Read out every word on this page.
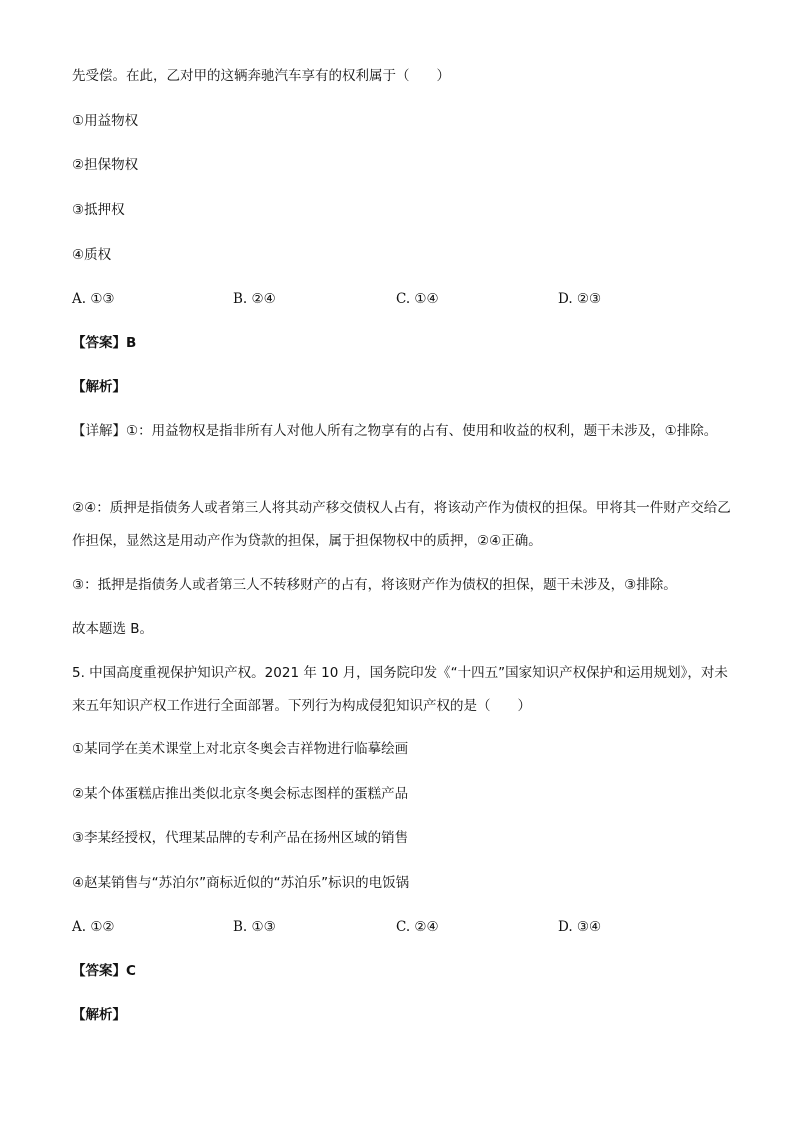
先受偿。在此，乙对甲的这辆奔驰汽车享有的权利属于（　　）
①用益物权
②担保物权
③抵押权
④质权
A. ①③	B. ②④	C. ①④	D. ②③
【答案】B
【解析】
【详解】①：用益物权是指非所有人对他人所有之物享有的占有、使用和收益的权利，题干未涉及，①排除。
②④：质押是指债务人或者第三人将其动产移交债权人占有，将该动产作为债权的担保。甲将其一件财产交给乙作担保，显然这是用动产作为贷款的担保，属于担保物权中的质押，②④正确。
③：抵押是指债务人或者第三人不转移财产的占有，将该财产作为债权的担保，题干未涉及，③排除。
故本题选 B。
5. 中国高度重视保护知识产权。2021 年 10 月，国务院印发《“十四五”国家知识产权保护和运用规划》，对未来五年知识产权工作进行全面部署。下列行为构成侵犯知识产权的是（　　）
①某同学在美术课堂上对北京冬奥会吉祥物进行临摹绘画
②某个体蛋糕店推出类似北京冬奥会标志图样的蛋糕产品
③李某经授权，代理某品牌的专利产品在扬州区域的销售
④赵某销售与“苏泊尔”商标近似的“苏泊乐”标识的电饭锅
A. ①②	B. ①③	C. ②④	D. ③④
【答案】C
【解析】
